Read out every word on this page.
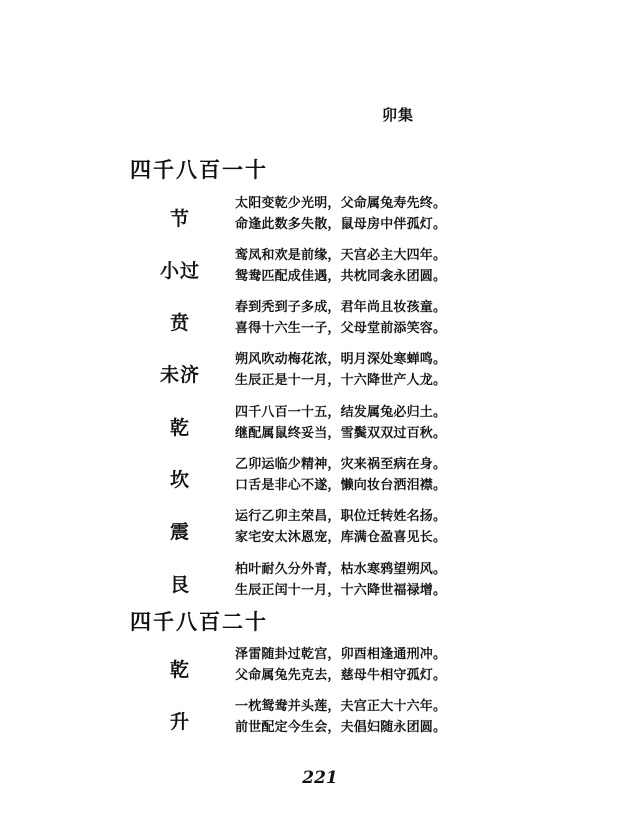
卯集
四千八百一十
节
太阳变乾少光明，父命属兔寿先终。
命逢此数多失散，鼠母房中伴孤灯。
小过
鸾凤和欢是前缘，天宫必主大四年。
鸳鸯匹配成佳遇，共枕同衾永团圆。
贲
春到秃到子多成，君年尚且妆孩童。
喜得十六生一子，父母堂前添笑容。
未济
朔风吹动梅花浓，明月深处寒蝉鸣。
生辰正是十一月，十六降世产人龙。
乾
四千八百一十五，结发属兔必归土。
继配属鼠终妥当，雪鬓双双过百秋。
坎
乙卯运临少精神，灾来祸至病在身。
口舌是非心不遂，懒向妆台洒泪襟。
震
运行乙卯主荣昌，职位迁转姓名扬。
家宅安太沐恩宠，库满仓盈喜见长。
艮
柏叶耐久分外青，枯水寒鸦望朔风。
生辰正闰十一月，十六降世福禄增。
四千八百二十
乾
泽雷随卦过乾宫，卯酉相逢通刑冲。
父命属兔先克去，慈母牛相守孤灯。
升
一枕鸳鸯并头莲，夫宫正大十六年。
前世配定今生会，夫倡妇随永团圆。
221
